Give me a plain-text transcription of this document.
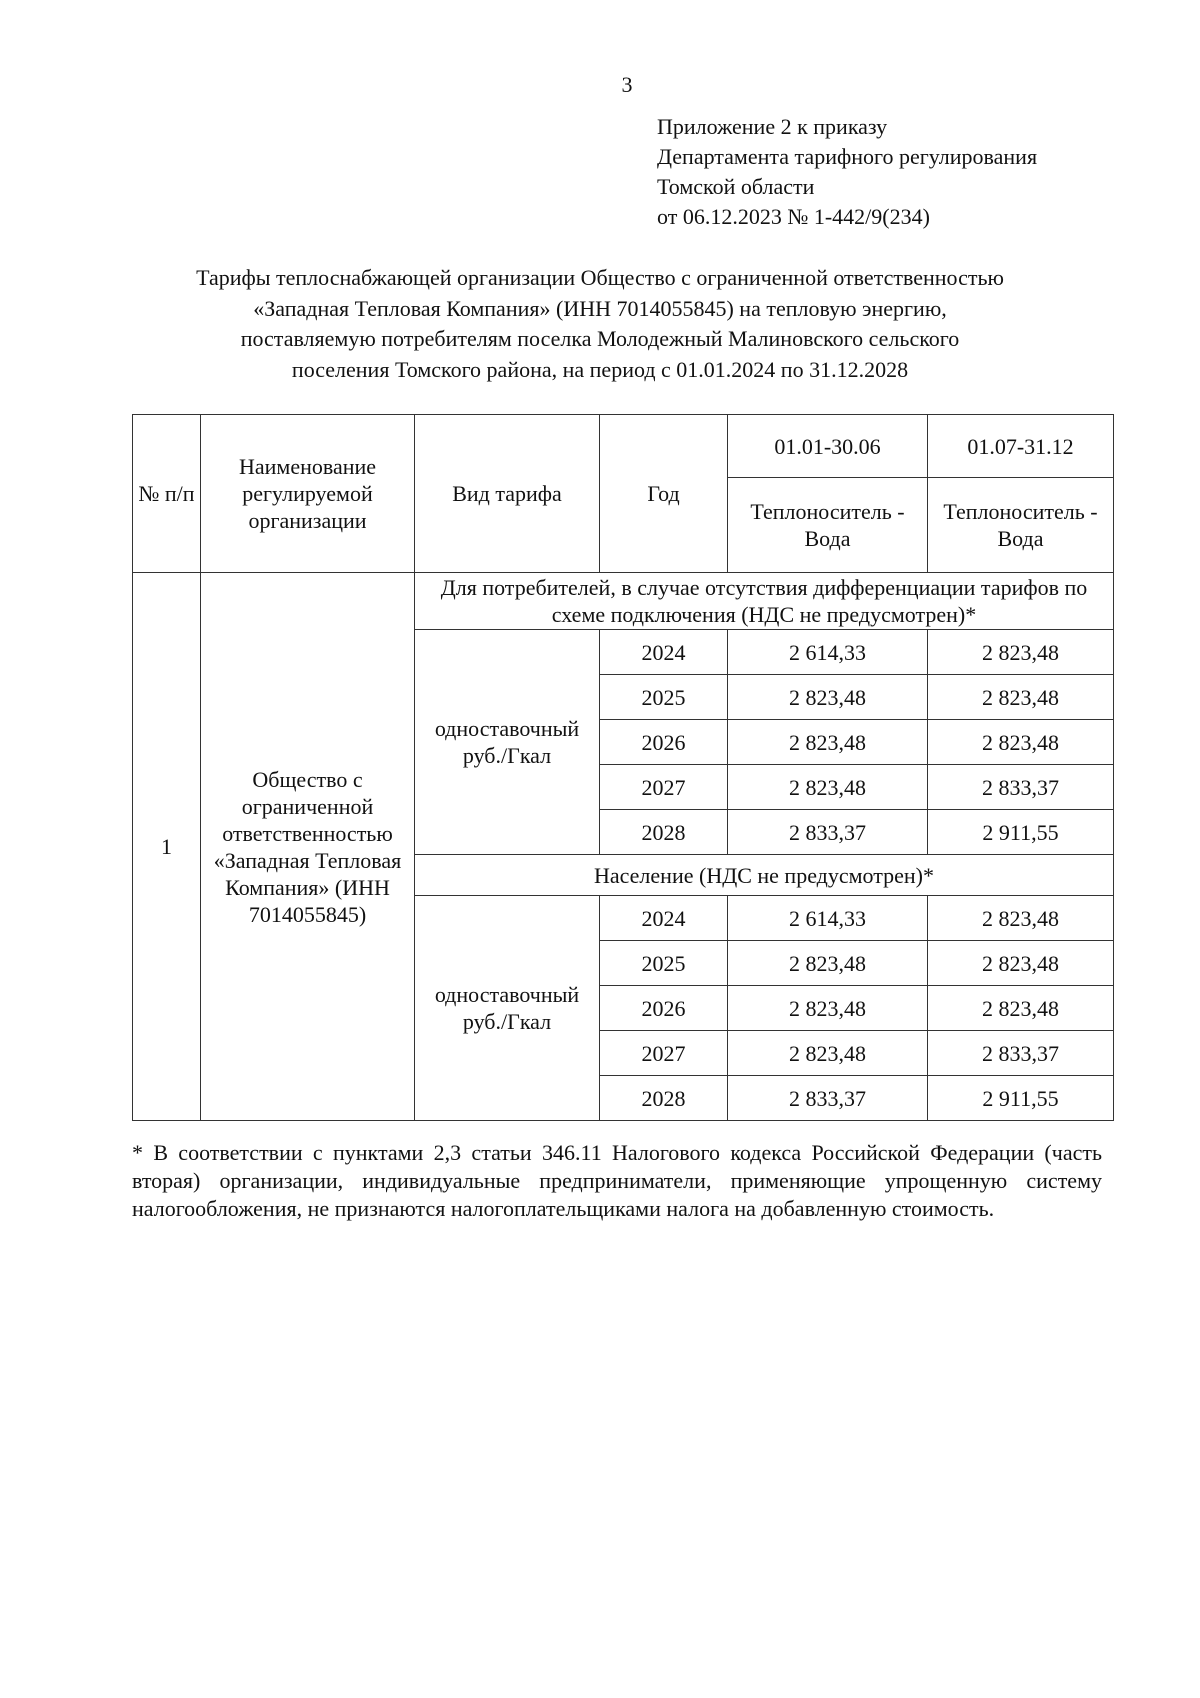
3
Приложение 2 к приказу
Департамента тарифного регулирования
Томской области
от 06.12.2023 № 1-442/9(234)
Тарифы теплоснабжающей организации Общество с ограниченной ответственностью
«Западная Тепловая Компания» (ИНН 7014055845) на тепловую энергию,
поставляемую потребителям поселка Молодежный Малиновского сельского
поселения Томского района, на период с 01.01.2024 по 31.12.2028
№ п/п	Наименование регулируемой организации	Вид тарифа	Год	01.01-30.06	01.07-31.12
				Теплоноситель - Вода	Теплоноситель - Вода
1	Общество с ограниченной ответственностью «Западная Тепловая Компания» (ИНН 7014055845)	Для потребителей, в случае отсутствия дифференциации тарифов по схеме подключения (НДС не предусмотрен)*			
		одноставочный руб./Гкал	2024	2 614,33	2 823,48
			2025	2 823,48	2 823,48
			2026	2 823,48	2 823,48
			2027	2 823,48	2 833,37
			2028	2 833,37	2 911,55
		Население (НДС не предусмотрен)*			
		одноставочный руб./Гкал	2024	2 614,33	2 823,48
			2025	2 823,48	2 823,48
			2026	2 823,48	2 823,48
			2027	2 823,48	2 833,37
			2028	2 833,37	2 911,55
* В соответствии с пунктами 2,3 статьи 346.11 Налогового кодекса Российской Федерации (часть вторая) организации, индивидуальные предприниматели, применяющие упрощенную систему налогообложения, не признаются налогоплательщиками налога на добавленную стоимость.
